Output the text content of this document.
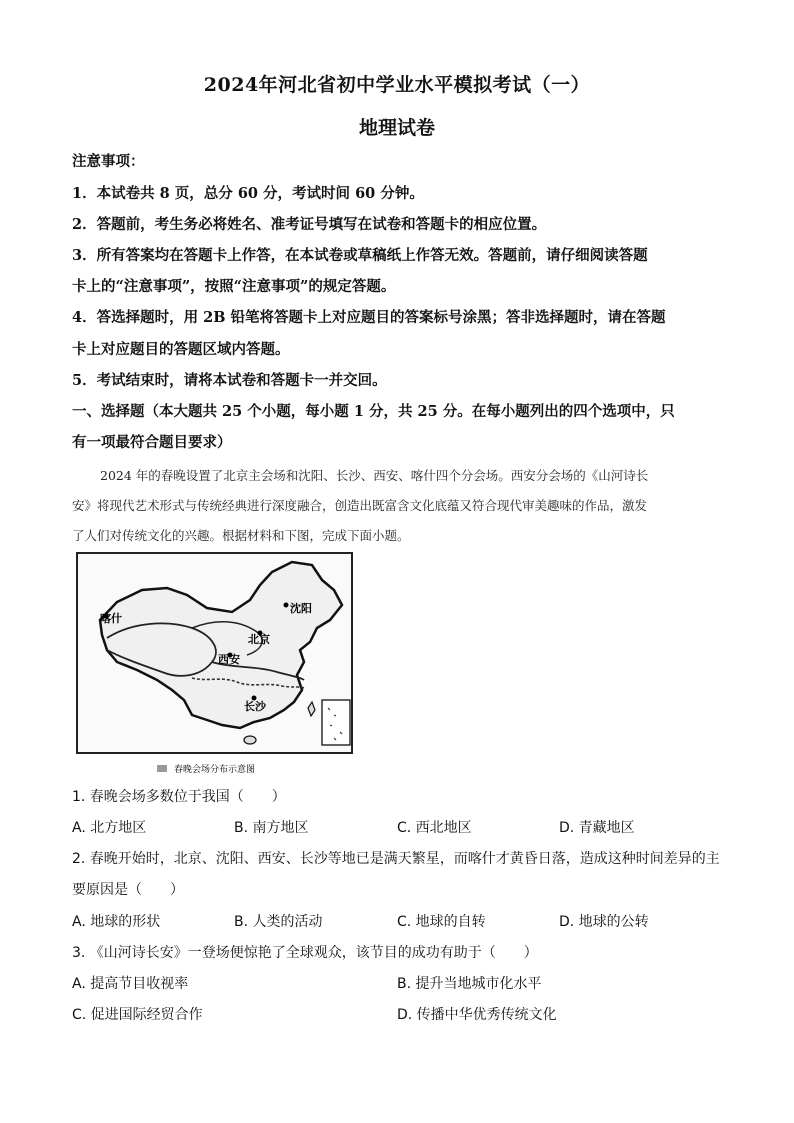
2024年河北省初中学业水平模拟考试（一）
地理试卷
注意事项：
1．本试卷共 8 页，总分 60 分，考试时间 60 分钟。
2．答题前，考生务必将姓名、准考证号填写在试卷和答题卡的相应位置。
3．所有答案均在答题卡上作答，在本试卷或草稿纸上作答无效。答题前，请仔细阅读答题
卡上的“注意事项”，按照“注意事项”的规定答题。
4．答选择题时，用 2B 铅笔将答题卡上对应题目的答案标号涂黑；答非选择题时，请在答题
卡上对应题目的答题区域内答题。
5．考试结束时，请将本试卷和答题卡一并交回。
一、选择题（本大题共 25 个小题，每小题 1 分，共 25 分。在每小题列出的四个选项中，只
有一项最符合题目要求）
2024 年的春晚设置了北京主会场和沈阳、长沙、西安、喀什四个分会场。西安分会场的《山河诗长
安》将现代艺术形式与传统经典进行深度融合，创造出既富含文化底蕴又符合现代审美趣味的作品，激发
了人们对传统文化的兴趣。根据材料和下图，完成下面小题。
喀什
沈阳
北京
西安
长沙
春晚会场分布示意图
1. 春晚会场多数位于我国（　　）
A. 北方地区	B. 南方地区	C. 西北地区	D. 青藏地区
2. 春晚开始时，北京、沈阳、西安、长沙等地已是满天繁星，而喀什才黄昏日落，造成这种时间差异的主
要原因是（　　）
A. 地球的形状	B. 人类的活动	C. 地球的自转	D. 地球的公转
3. 《山河诗长安》一登场便惊艳了全球观众，该节目的成功有助于（　　）
A. 提高节目收视率	B. 提升当地城市化水平
C. 促进国际经贸合作	D. 传播中华优秀传统文化
